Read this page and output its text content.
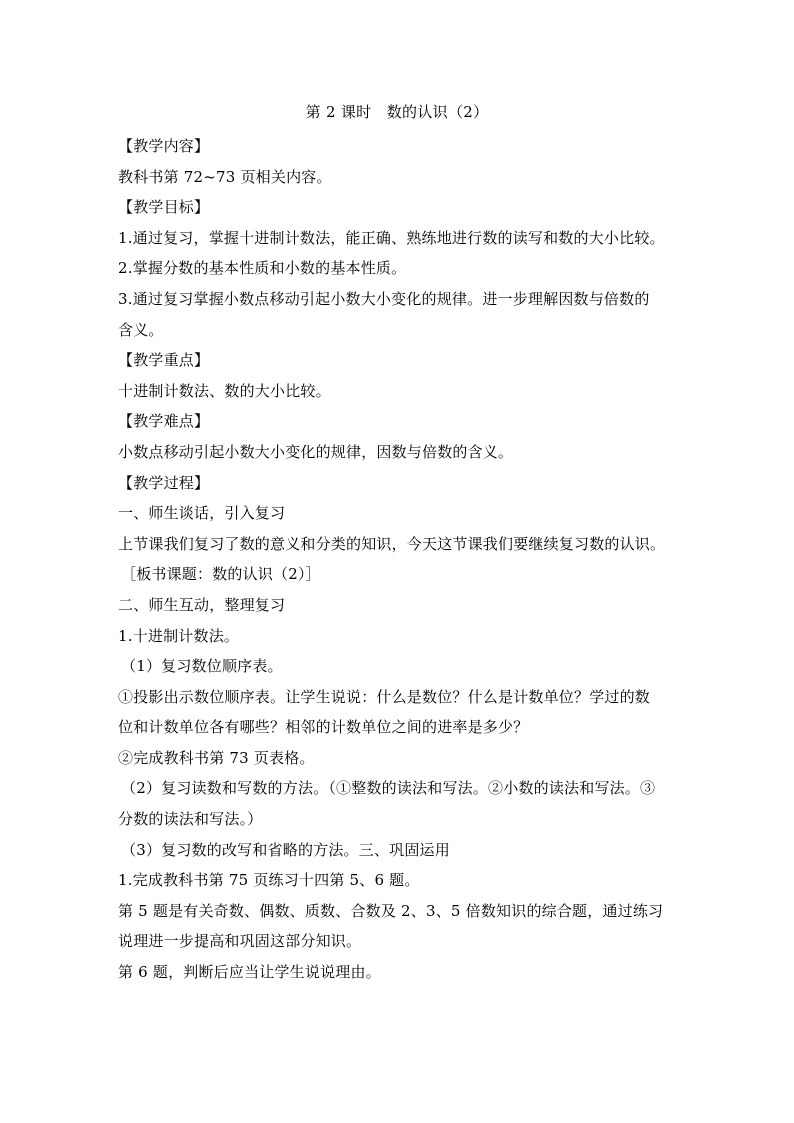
第 2 课时　数的认识（2）

【教学内容】

教科书第 72~73 页相关内容。

【教学目标】

1.通过复习，掌握十进制计数法，能正确、熟练地进行数的读写和数的大小比较。

2.掌握分数的基本性质和小数的基本性质。

3.通过复习掌握小数点移动引起小数大小变化的规律。进一步理解因数与倍数的

含义。

【教学重点】

十进制计数法、数的大小比较。

【教学难点】

小数点移动引起小数大小变化的规律，因数与倍数的含义。

【教学过程】

一、师生谈话，引入复习

上节课我们复习了数的意义和分类的知识，今天这节课我们要继续复习数的认识。

［板书课题：数的认识（2）］

二、师生互动，整理复习

1.十进制计数法。

（1）复习数位顺序表。

①投影出示数位顺序表。让学生说说：什么是数位？什么是计数单位？学过的数

位和计数单位各有哪些？相邻的计数单位之间的进率是多少？

②完成教科书第 73 页表格。

（2）复习读数和写数的方法。（①整数的读法和写法。②小数的读法和写法。③

分数的读法和写法。）

（3）复习数的改写和省略的方法。三、巩固运用

1.完成教科书第 75 页练习十四第 5、6 题。

第 5 题是有关奇数、偶数、质数、合数及 2、3、5 倍数知识的综合题，通过练习

说理进一步提高和巩固这部分知识。

第 6 题，判断后应当让学生说说理由。
